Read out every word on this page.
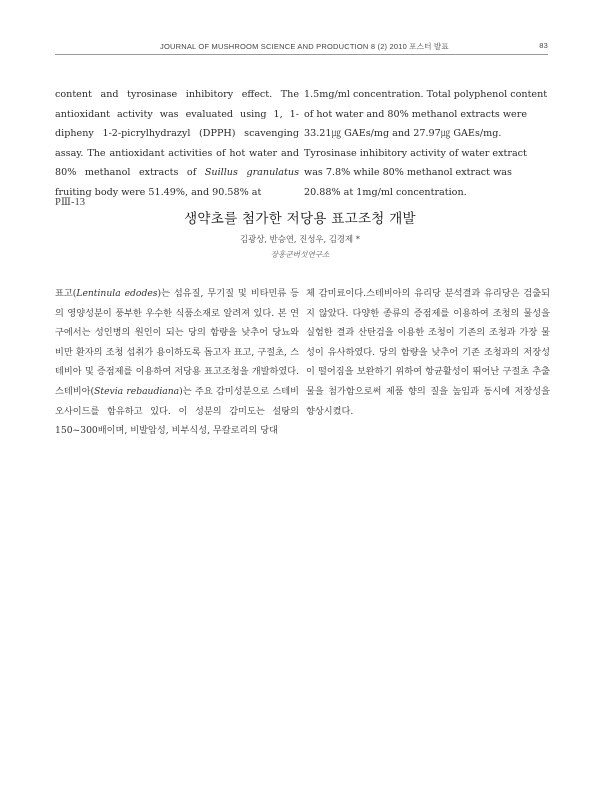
JOURNAL OF MUSHROOM SCIENCE AND PRODUCTION 8 (2) 2010 포스터 발표	83

content and tyrosinase inhibitory effect. The antioxidant activity was evaluated using 1, 1-dipheny 1-2-picrylhydrazyl (DPPH) scavenging assay. The antioxidant activities of hot water and 80% methanol extracts of Suillus granulatus fruiting body were 51.49%, and 90.58% at

1.5mg/ml concentration. Total polyphenol content of hot water and 80% methanol extracts were 33.21㎍ GAEs/mg and 27.97㎍ GAEs/mg. Tyrosinase inhibitory activity of water extract was 7.8% while 80% methanol extract was 20.88% at 1mg/ml concentration.

PⅢ-13
생약초를 첨가한 저당용 표고조청 개발
김광상, 반승연, 진성우, 김경제 *
장흥군버섯연구소

표고(Lentinula edodes)는 섬유질, 무기질 및 비타민류 등의 영양성분이 풍부한 우수한 식품소재로 알려져 있다. 본 연구에서는 성인병의 원인이 되는 당의 함량을 낮추어 당뇨와 비만 환자의 조청 섭취가 용이하도록 돕고자 표고, 구절초, 스테비아 및 증점제를 이용하여 저당용 표고조청을 개발하였다. 스테비아(Stevia rebaudiana)는 주요 감미성분으로 스테비오사이드를 함유하고 있다. 이 성분의 감미도는 설탕의 150~300배이며, 비발암성, 비부식성, 무칼로리의 당대

체 감미료이다.스테비아의 유리당 분석결과 유리당은 검출되지 않았다. 다양한 종류의 증점제를 이용하여 조청의 물성을 실험한 결과 산탄검을 이용한 조청이 기존의 조청과 가장 물성이 유사하였다. 당의 함량을 낮추어 기존 조청과의 저장성이 떨어짐을 보완하기 위하여 항균활성이 뛰어난 구절초 추출물을 첨가함으로써 제품 향의 질을 높임과 동시에 저장성을 향상시켰다.
